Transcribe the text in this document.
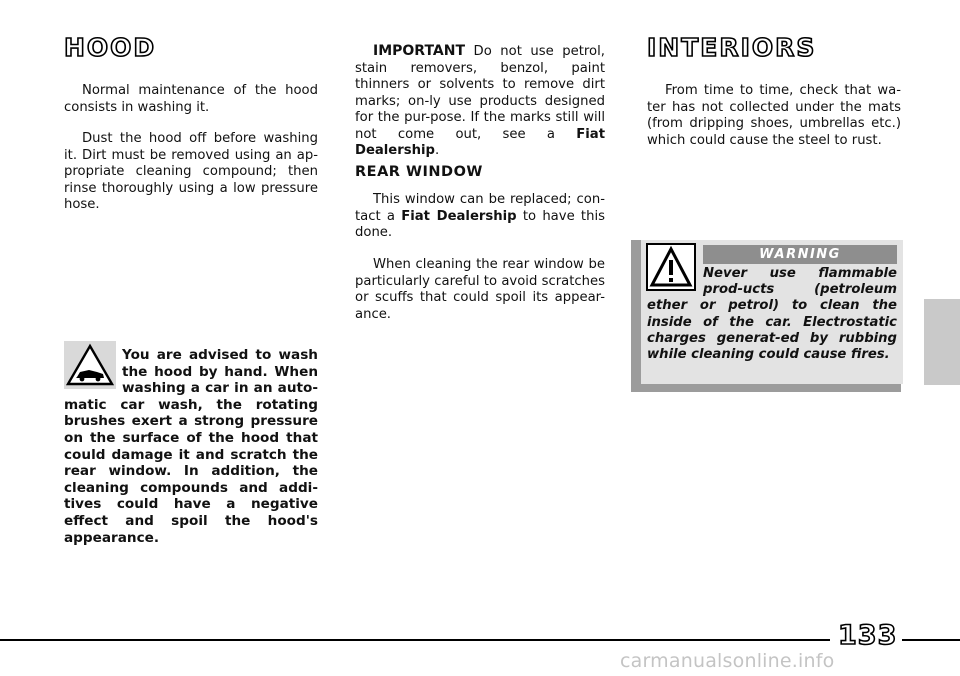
HOOD

Normal maintenance of the hood consists in washing it.

Dust the hood off before washing it. Dirt must be removed using an ap-propriate cleaning compound; then rinse thoroughly using a low pressure hose.

You are advised to wash the hood by hand. When washing a car in an auto-matic car wash, the rotating brushes exert a strong pressure on the surface of the hood that could damage it and scratch the rear window. In addition, the cleaning compounds and addi-tives could have a negative effect and spoil the hood's appearance.

IMPORTANT Do not use petrol, stain removers, benzol, paint thinners or solvents to remove dirt marks; on-ly use products designed for the pur-pose. If the marks still will not come out, see a Fiat Dealership.

REAR WINDOW

This window can be replaced; con-tact a Fiat Dealership to have this done.

When cleaning the rear window be particularly careful to avoid scratches or scuffs that could spoil its appear-ance.

INTERIORS

From time to time, check that wa-ter has not collected under the mats (from dripping shoes, umbrellas etc.) which could cause the steel to rust.

WARNING
Never use flammable prod-ucts (petroleum ether or petrol) to clean the inside of the car. Electrostatic charges generat-ed by rubbing while cleaning could cause fires.
133
carmanualsonline.info
